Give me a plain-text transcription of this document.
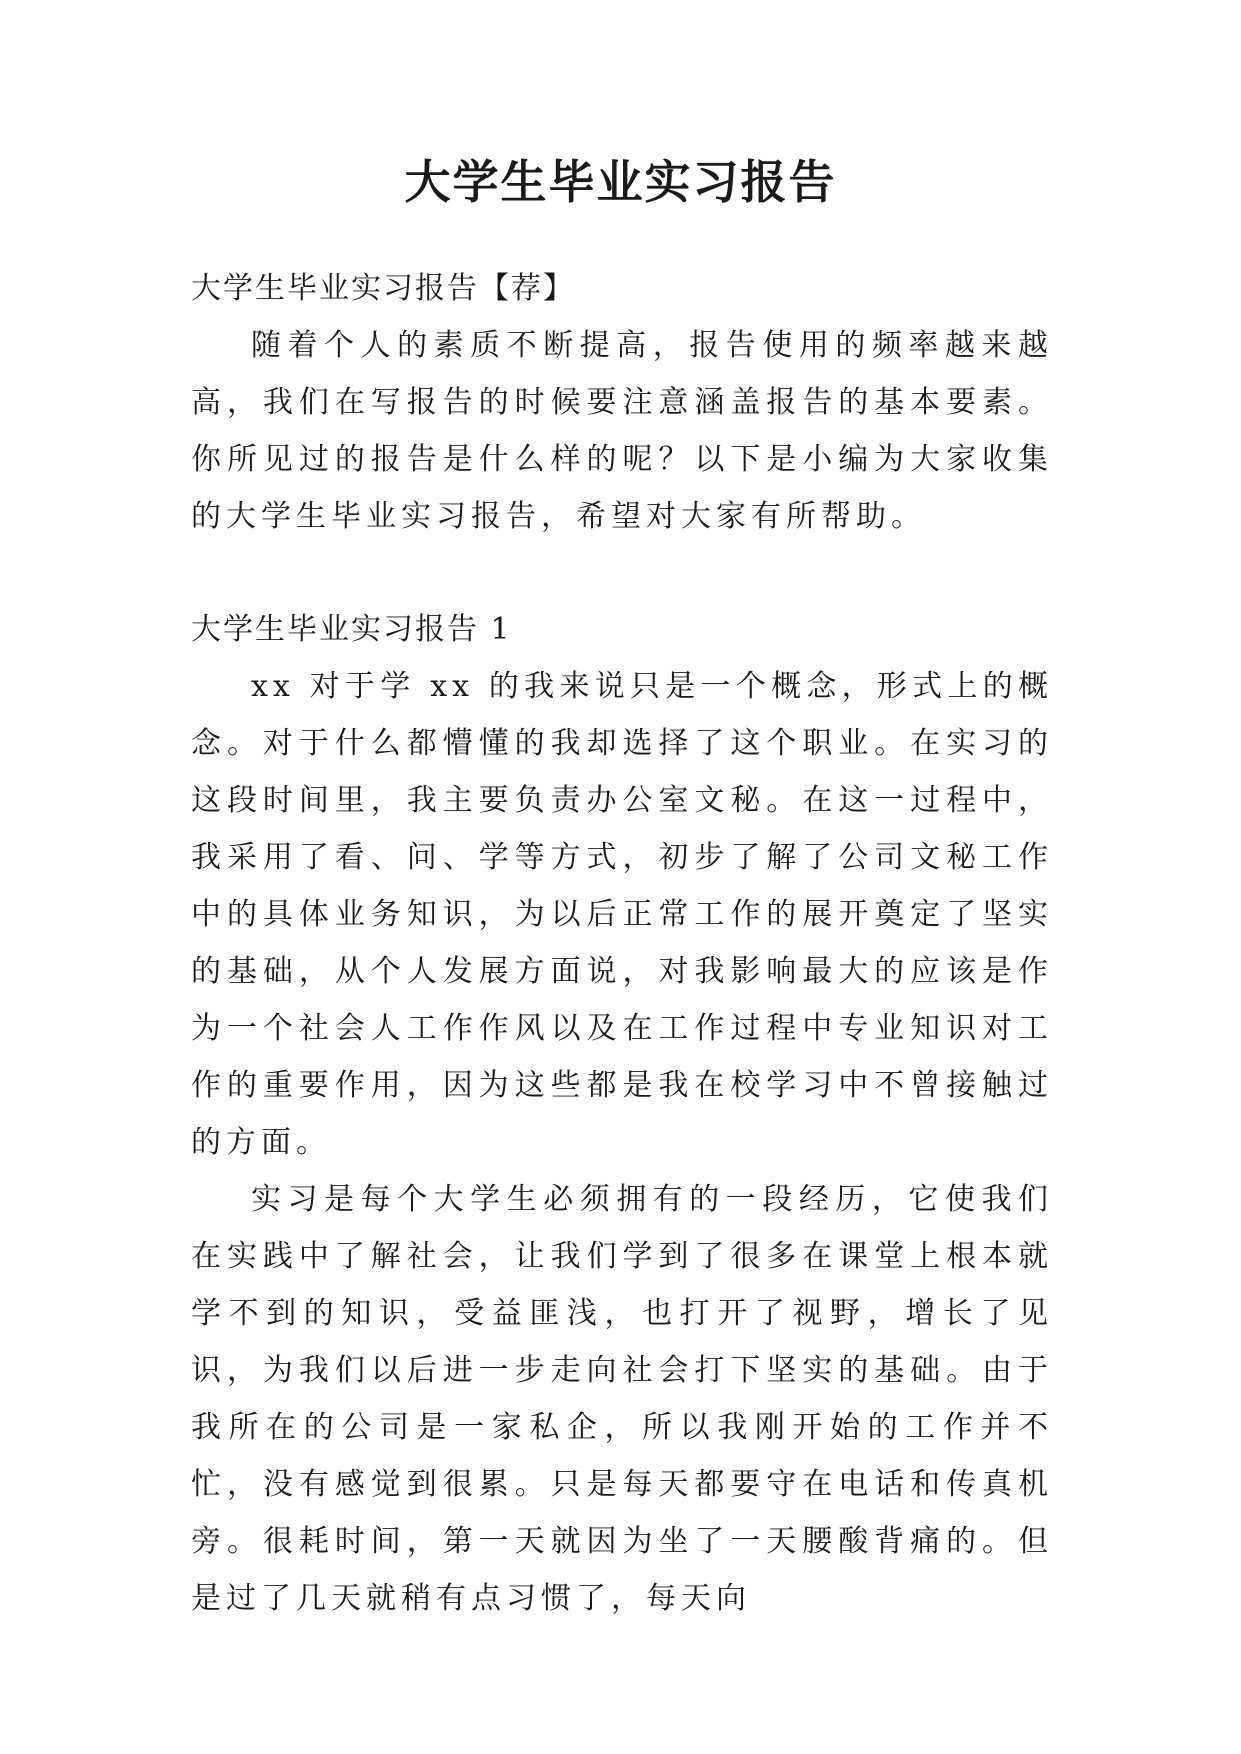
大学生毕业实习报告

大学生毕业实习报告【荐】

随着个人的素质不断提高，报告使用的频率越来越高，我们在写报告的时候要注意涵盖报告的基本要素。你所见过的报告是什么样的呢？以下是小编为大家收集的大学生毕业实习报告，希望对大家有所帮助。

大学生毕业实习报告 1

xx 对于学 xx 的我来说只是一个概念，形式上的概念。对于什么都懵懂的我却选择了这个职业。在实习的这段时间里，我主要负责办公室文秘。在这一过程中，我采用了看、问、学等方式，初步了解了公司文秘工作中的具体业务知识，为以后正常工作的展开奠定了坚实的基础，从个人发展方面说，对我影响最大的应该是作为一个社会人工作作风以及在工作过程中专业知识对工作的重要作用，因为这些都是我在校学习中不曾接触过的方面。

实习是每个大学生必须拥有的一段经历，它使我们在实践中了解社会，让我们学到了很多在课堂上根本就学不到的知识，受益匪浅，也打开了视野，增长了见识，为我们以后进一步走向社会打下坚实的基础。由于我所在的公司是一家私企，所以我刚开始的工作并不忙，没有感觉到很累。只是每天都要守在电话和传真机旁。很耗时间，第一天就因为坐了一天腰酸背痛的。但是过了几天就稍有点习惯了，每天向
